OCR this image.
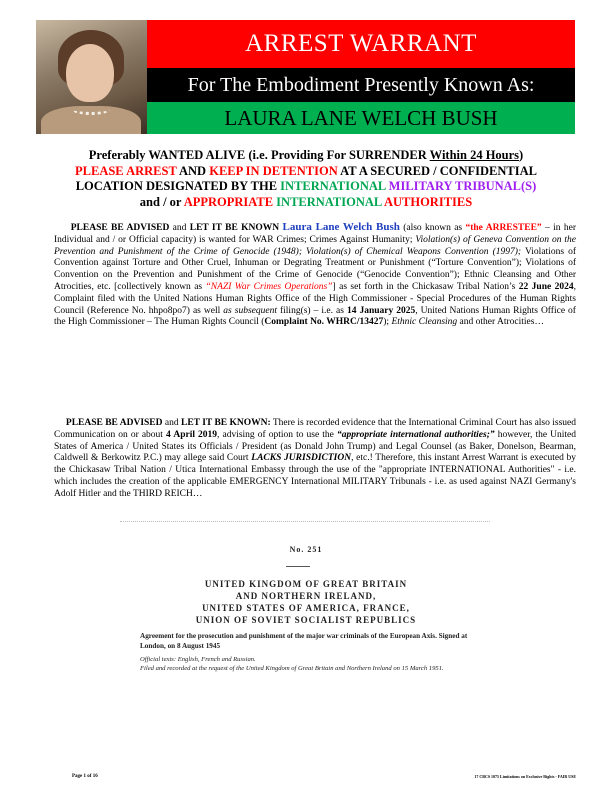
ARREST WARRANT
For The Embodiment Presently Known As:
LAURA LANE WELCH BUSH
Preferably WANTED ALIVE (i.e. Providing For SURRENDER Within 24 Hours)
PLEASE ARREST AND KEEP IN DETENTION AT A SECURED / CONFIDENTIAL
LOCATION DESIGNATED BY THE INTERNATIONAL MILITARY TRIBUNAL(S)
and / or APPROPRIATE INTERNATIONAL AUTHORITIES
PLEASE BE ADVISED and LET IT BE KNOWN Laura Lane Welch Bush (also known as “the ARRESTEE” – in her Individual and / or Official capacity) is wanted for WAR Crimes; Crimes Against Humanity; Violation(s) of Geneva Convention on the Prevention and Punishment of the Crime of Genocide (1948); Violation(s) of Chemical Weapons Convention (1997); Violations of Convention against Torture and Other Cruel, Inhuman or Degrating Treatment or Punishment (“Torture Convention”); Violations of Convention on the Prevention and Punishment of the Crime of Genocide (“Genocide Convention”); Ethnic Cleansing and Other Atrocities, etc. [collectively known as “NAZI War Crimes Operations”] as set forth in the Chickasaw Tribal Nation’s 22 June 2024, Complaint filed with the United Nations Human Rights Office of the High Commissioner - Special Procedures of the Human Rights Council (Reference No. hhpo8po7) as well as subsequent filing(s) – i.e. as 14 January 2025, United Nations Human Rights Office of the High Commissioner – The Human Rights Council (Complaint No. WHRC/13427); Ethnic Cleansing and other Atrocities…
PLEASE BE ADVISED and LET IT BE KNOWN: There is recorded evidence that the International Criminal Court has also issued Communication on or about 4 April 2019, advising of option to use the “appropriate international authorities;” however, the United States of America / United States its Officials / President (as Donald John Trump) and Legal Counsel (as Baker, Donelson, Bearman, Caldwell & Berkowitz P.C.) may allege said Court LACKS JURISDICTION, etc.! Therefore, this instant Arrest Warrant is executed by the Chickasaw Tribal Nation / Utica International Embassy through the use of the "appropriate INTERNATIONAL Authorities" - i.e. which includes the creation of the applicable EMERGENCY International MILITARY Tribunals - i.e. as used against NAZI Germany's Adolf Hitler and the THIRD REICH…
No. 251
UNITED KINGDOM OF GREAT BRITAIN
AND NORTHERN IRELAND,
UNITED STATES OF AMERICA, FRANCE,
UNION OF SOVIET SOCIALIST REPUBLICS
Agreement for the prosecution and punishment of the major war criminals of the European Axis. Signed at London, on 8 August 1945
Official texts: English, French and Russian.
Filed and recorded at the request of the United Kingdom of Great Britain and Northern Ireland on 15 March 1951.
Page 1 of 16	17 CBCS 1075 Limitations on Exclusive Rights - FAIR USE
